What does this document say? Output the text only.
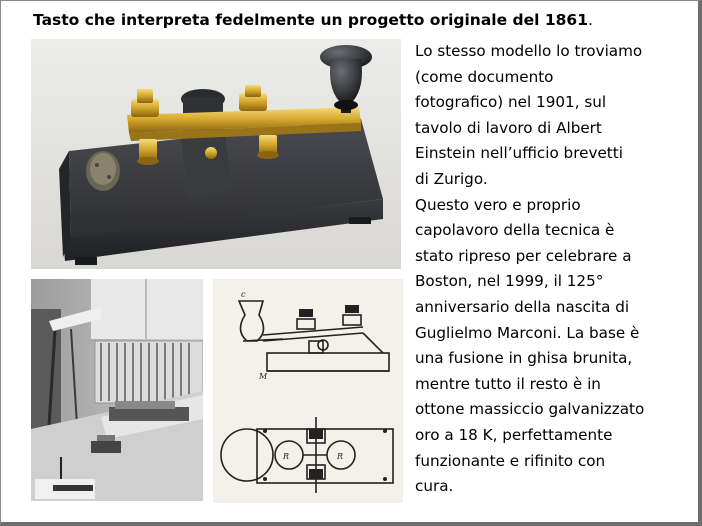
Tasto che interpreta fedelmente un progetto originale del 1861.
c
R	R
M
Lo stesso modello lo troviamo
(come documento
fotografico) nel 1901, sul
tavolo di lavoro di Albert
Einstein nell’ufficio brevetti
di Zurigo.
Questo vero e proprio
capolavoro della tecnica è
stato ripreso per celebrare a
Boston, nel 1999, il 125°
anniversario della nascita di
Guglielmo Marconi. La base è
una fusione in ghisa brunita,
mentre tutto il resto è in
ottone massiccio galvanizzato
oro a 18 K, perfettamente
funzionante e rifinito con
cura.
